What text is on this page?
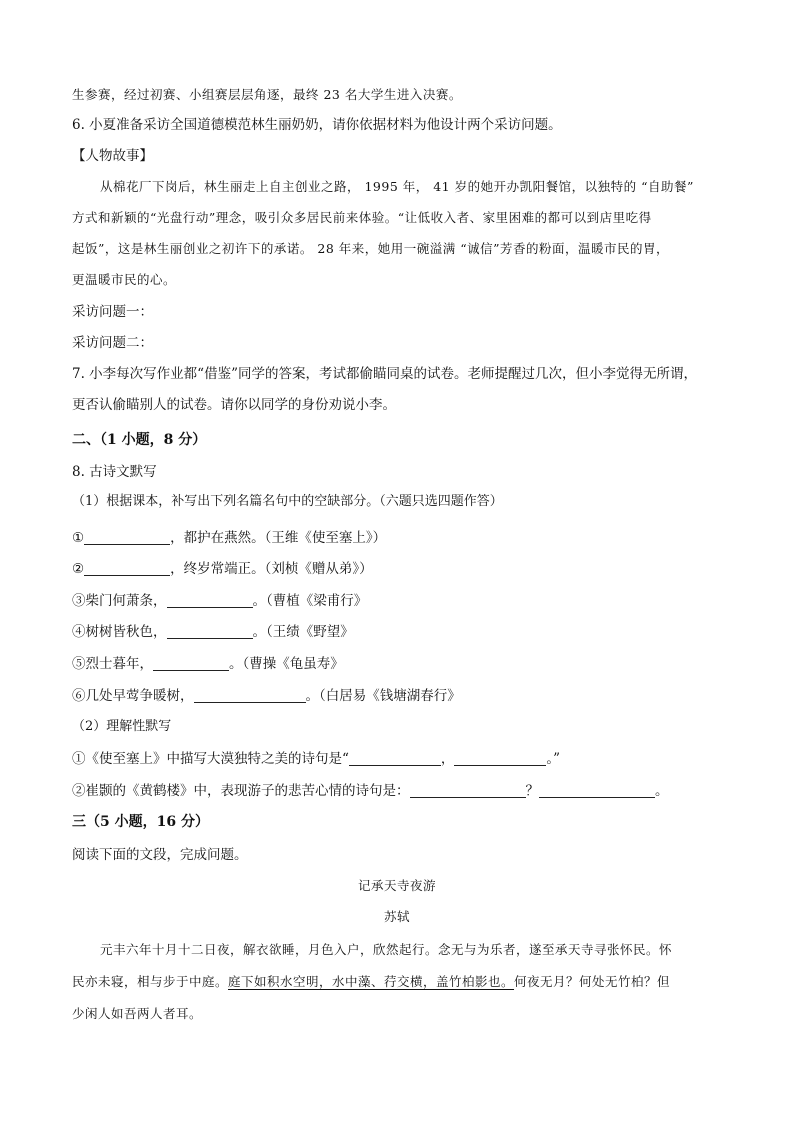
生参赛，经过初赛、小组赛层层角逐，最终 23 名大学生进入决赛。
6. 小夏准备采访全国道德模范林生丽奶奶，请你依据材料为他设计两个采访问题。
【人物故事】
从棉花厂下岗后，林生丽走上自主创业之路， 1995 年， 41 岁的她开办凯阳餐馆，以独特的 “自助餐”
方式和新颖的“光盘行动”理念，吸引众多居民前来体验。“让低收入者、家里困难的都可以到店里吃得
起饭”，这是林生丽创业之初许下的承诺。 28 年来，她用一碗溢满 “诚信”芳香的粉面，温暖市民的胃，
更温暖市民的心。
采访问题一：
采访问题二：
7. 小李每次写作业都“借鉴”同学的答案，考试都偷瞄同桌的试卷。老师提醒过几次，但小李觉得无所谓，
更否认偷瞄别人的试卷。请你以同学的身份劝说小李。
二、（1 小题，8 分）
8. 古诗文默写
（1）根据课本，补写出下列名篇名句中的空缺部分。（六题只选四题作答）
①	，都护在燕然。（王维《使至塞上》）
②	，终岁常端正。（刘桢《赠从弟》）
③柴门何萧条，	。（曹植《梁甫行》
④树树皆秋色，	。（王绩《野望》
⑤烈士暮年，	。（曹操《龟虽寿》
⑥几处早莺争暖树，	。（白居易《钱塘湖春行》
（2）理解性默写
①《使至塞上》中描写大漠独特之美的诗句是“	，	。”
②崔颢的《黄鹤楼》中，表现游子的悲苦心情的诗句是：	？	。
三（5 小题，16 分）
阅读下面的文段，完成问题。
记承天寺夜游
苏轼
元丰六年十月十二日夜，解衣欲睡，月色入户，欣然起行。念无与为乐者，遂至承天寺寻张怀民。怀
民亦未寝，相与步于中庭。庭下如积水空明，水中藻、荇交横，盖竹柏影也。何夜无月？何处无竹柏？但
少闲人如吾两人者耳。
